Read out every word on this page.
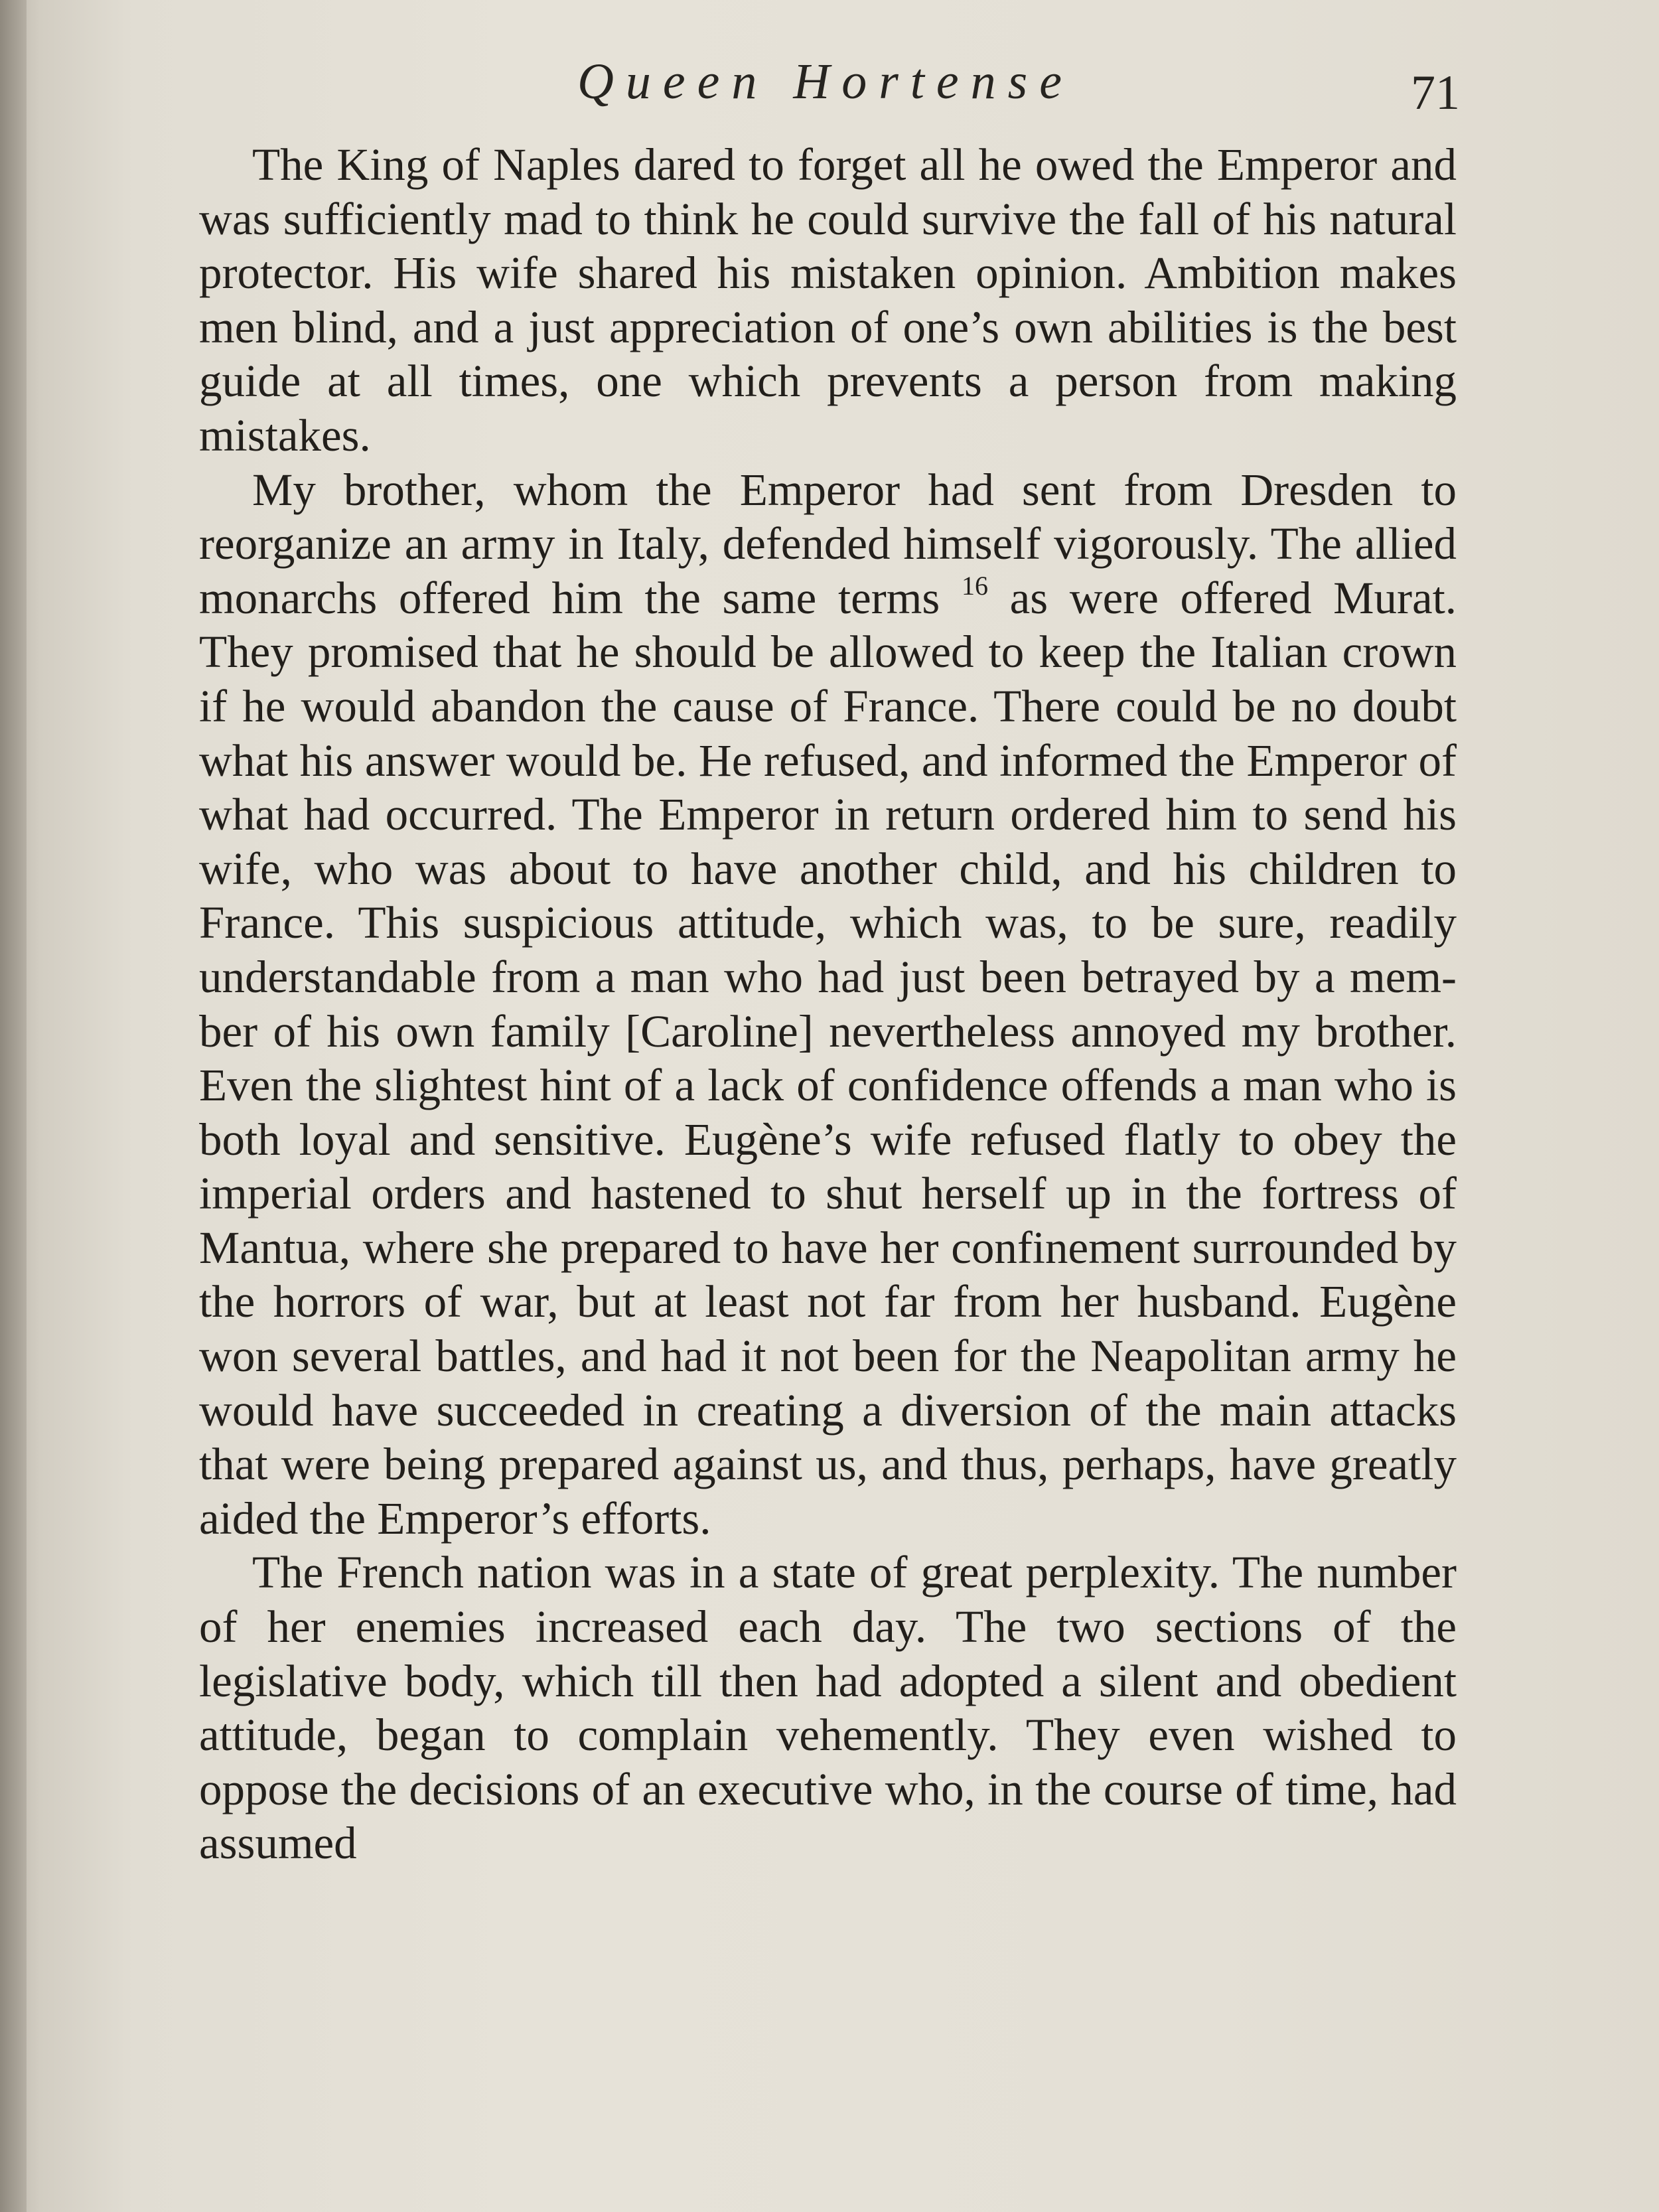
Queen Hortense	71

The King of Naples dared to forget all he owed the Emperor and was sufficiently mad to think he could survive the fall of his natural protector. His wife shared his mistaken opinion. Ambition makes men blind, and a just appreciation of one’s own abilities is the best guide at all times, one which prevents a person from making mistakes.

My brother, whom the Emperor had sent from Dresden to reorganize an army in Italy, defended himself vigorously. The allied monarchs offered him the same terms $^{16}$ as were offered Murat. They promised that he should be allowed to keep the Italian crown if he would abandon the cause of France. There could be no doubt what his answer would be. He refused, and informed the Emperor of what had occurred. The Emperor in return ordered him to send his wife, who was about to have another child, and his children to France. This suspicious attitude, which was, to be sure, readily understandable from a man who had just been betrayed by a member of his own family [Caroline] nevertheless annoyed my brother. Even the slightest hint of a lack of confidence offends a man who is both loyal and sensitive. Eugène’s wife refused flatly to obey the imperial orders and hastened to shut herself up in the fortress of Mantua, where she prepared to have her confinement surrounded by the horrors of war, but at least not far from her husband. Eugène won several battles, and had it not been for the Neapolitan army he would have succeeded in creating a diversion of the main attacks that were being prepared against us, and thus, perhaps, have greatly aided the Emperor’s efforts.

The French nation was in a state of great perplexity. The number of her enemies increased each day. The two sections of the legislative body, which till then had adopted a silent and obedient attitude, began to complain vehemently. They even wished to oppose the decisions of an executive who, in the course of time, had assumed
